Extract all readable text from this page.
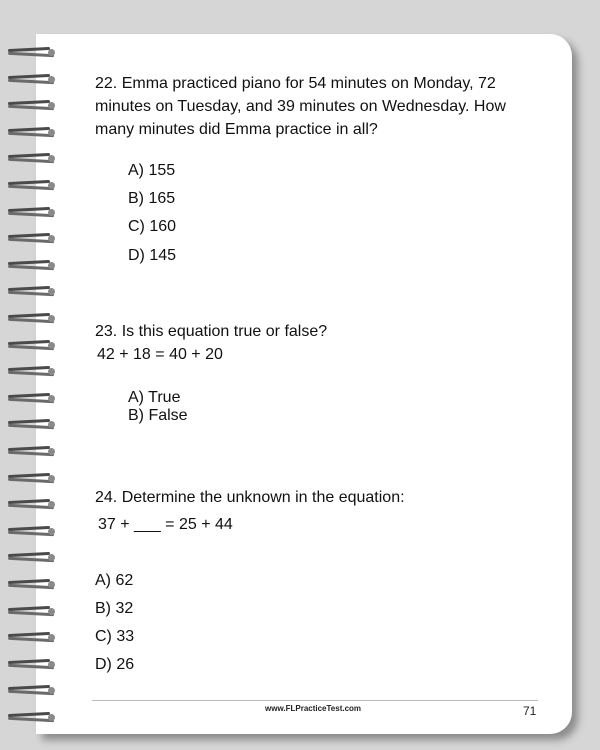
22. Emma practiced piano for 54 minutes on Monday, 72 minutes on Tuesday, and 39 minutes on Wednesday. How many minutes did Emma practice in all?
A) 155
B) 165
C) 160
D) 145
23. Is this equation true or false?
42 + 18 = 40 + 20
A) True
B) False
24. Determine the unknown in the equation:
37 + ___ = 25 + 44
A) 62
B) 32
C) 33
D) 26
www.FLPracticeTest.com	71
